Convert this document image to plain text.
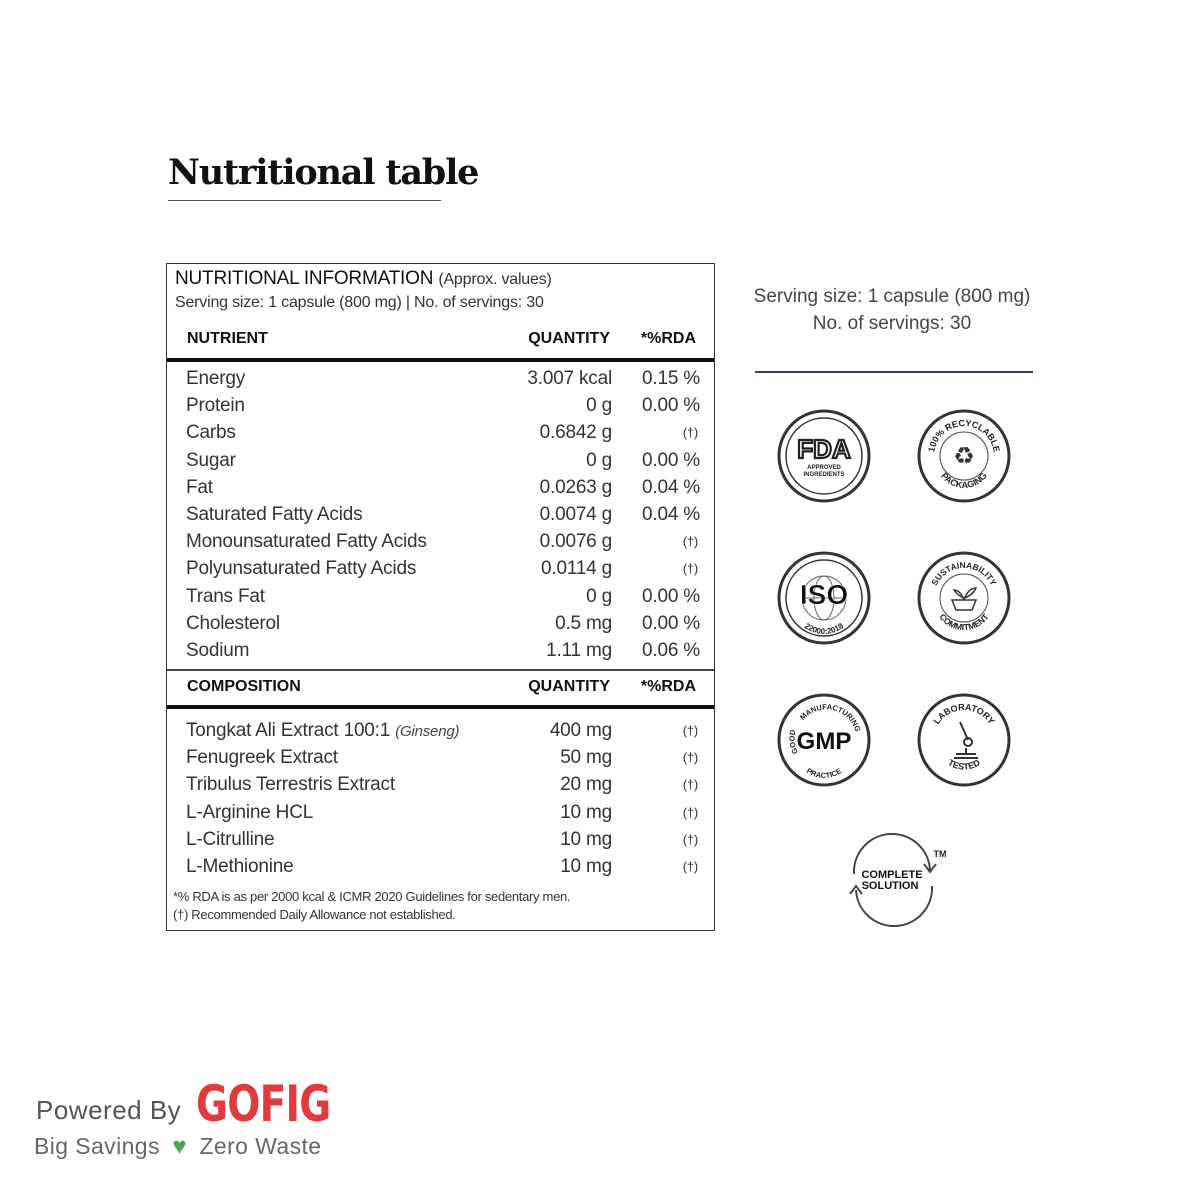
Nutritional table
NUTRITIONAL INFORMATION (Approx. values)
Serving size: 1 capsule (800 mg) | No. of servings: 30
NUTRIENT	QUANTITY *%RDA
Energy	3.007 kcal 0.15 %
Protein	0 g 0.00 %
Carbs	0.6842 g	(†)
Sugar	0 g 0.00 %
Fat	0.0263 g 0.04 %
Saturated Fatty Acids	0.0074 g 0.04 %
Monounsaturated Fatty Acids	0.0076 g	(†)
Polyunsaturated Fatty Acids	0.0114 g	(†)
Trans Fat	0 g 0.00 %
Cholesterol	0.5 mg 0.00 %
Sodium	1.11 mg 0.06 %
COMPOSITION	QUANTITY *%RDA
Tongkat Ali Extract 100:1 (Ginseng)	400 mg	(†)
Fenugreek Extract	50 mg	(†)
Tribulus Terrestris Extract	20 mg	(†)
L-Arginine HCL	10 mg	(†)
L-Citrulline	10 mg	(†)
L-Methionine	10 mg	(†)
*% RDA is as per 2000 kcal & ICMR 2020 Guidelines for sedentary men.
(†) Recommended Daily Allowance not established.
Serving size: 1 capsule (800 mg)
No. of servings: 30
FDA
APPROVED
INGREDIENTS
100% RECYCLABLE
PACKAGING
♻
ISO
22000:2018
SUSTAINABILITY
COMMITMENT
GMP
MANUFACTURING
GOOD
PRACTICE
LABORATORY
TESTED
COMPLETE
SOLUTION
TM
Powered By GOFIG
Big Savings ♥ Zero Waste
